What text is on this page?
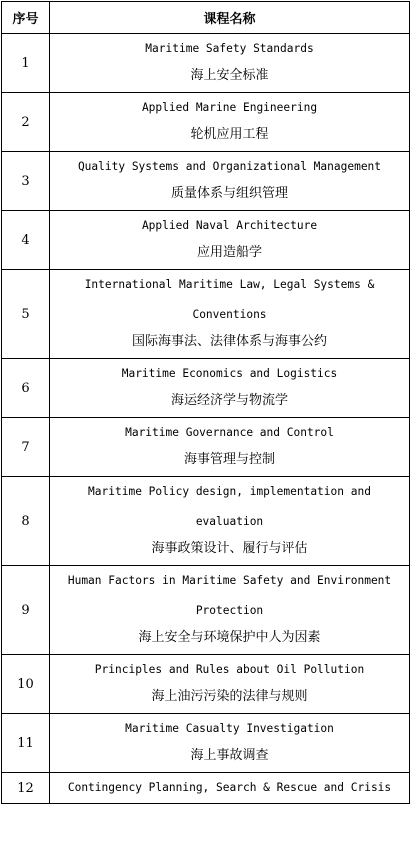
序号	课程名称
1	Maritime Safety Standards
海上安全标准

2	Applied Marine Engineering
轮机应用工程

3	Quality Systems and Organizational Management
质量体系与组织管理

4	Applied Naval Architecture
应用造船学

5	International Maritime Law, Legal Systems & Conventions
国际海事法、法律体系与海事公约

6	Maritime Economics and Logistics
海运经济学与物流学

7	Maritime Governance and Control
海事管理与控制

8	Maritime Policy design, implementation and evaluation
海事政策设计、履行与评估

9	Human Factors in Maritime Safety and Environment Protection
海上安全与环境保护中人为因素

10	Principles and Rules about Oil Pollution
海上油污污染的法律与规则

11	Maritime Casualty Investigation
海上事故调查

12	Contingency Planning, Search & Rescue and Crisis
